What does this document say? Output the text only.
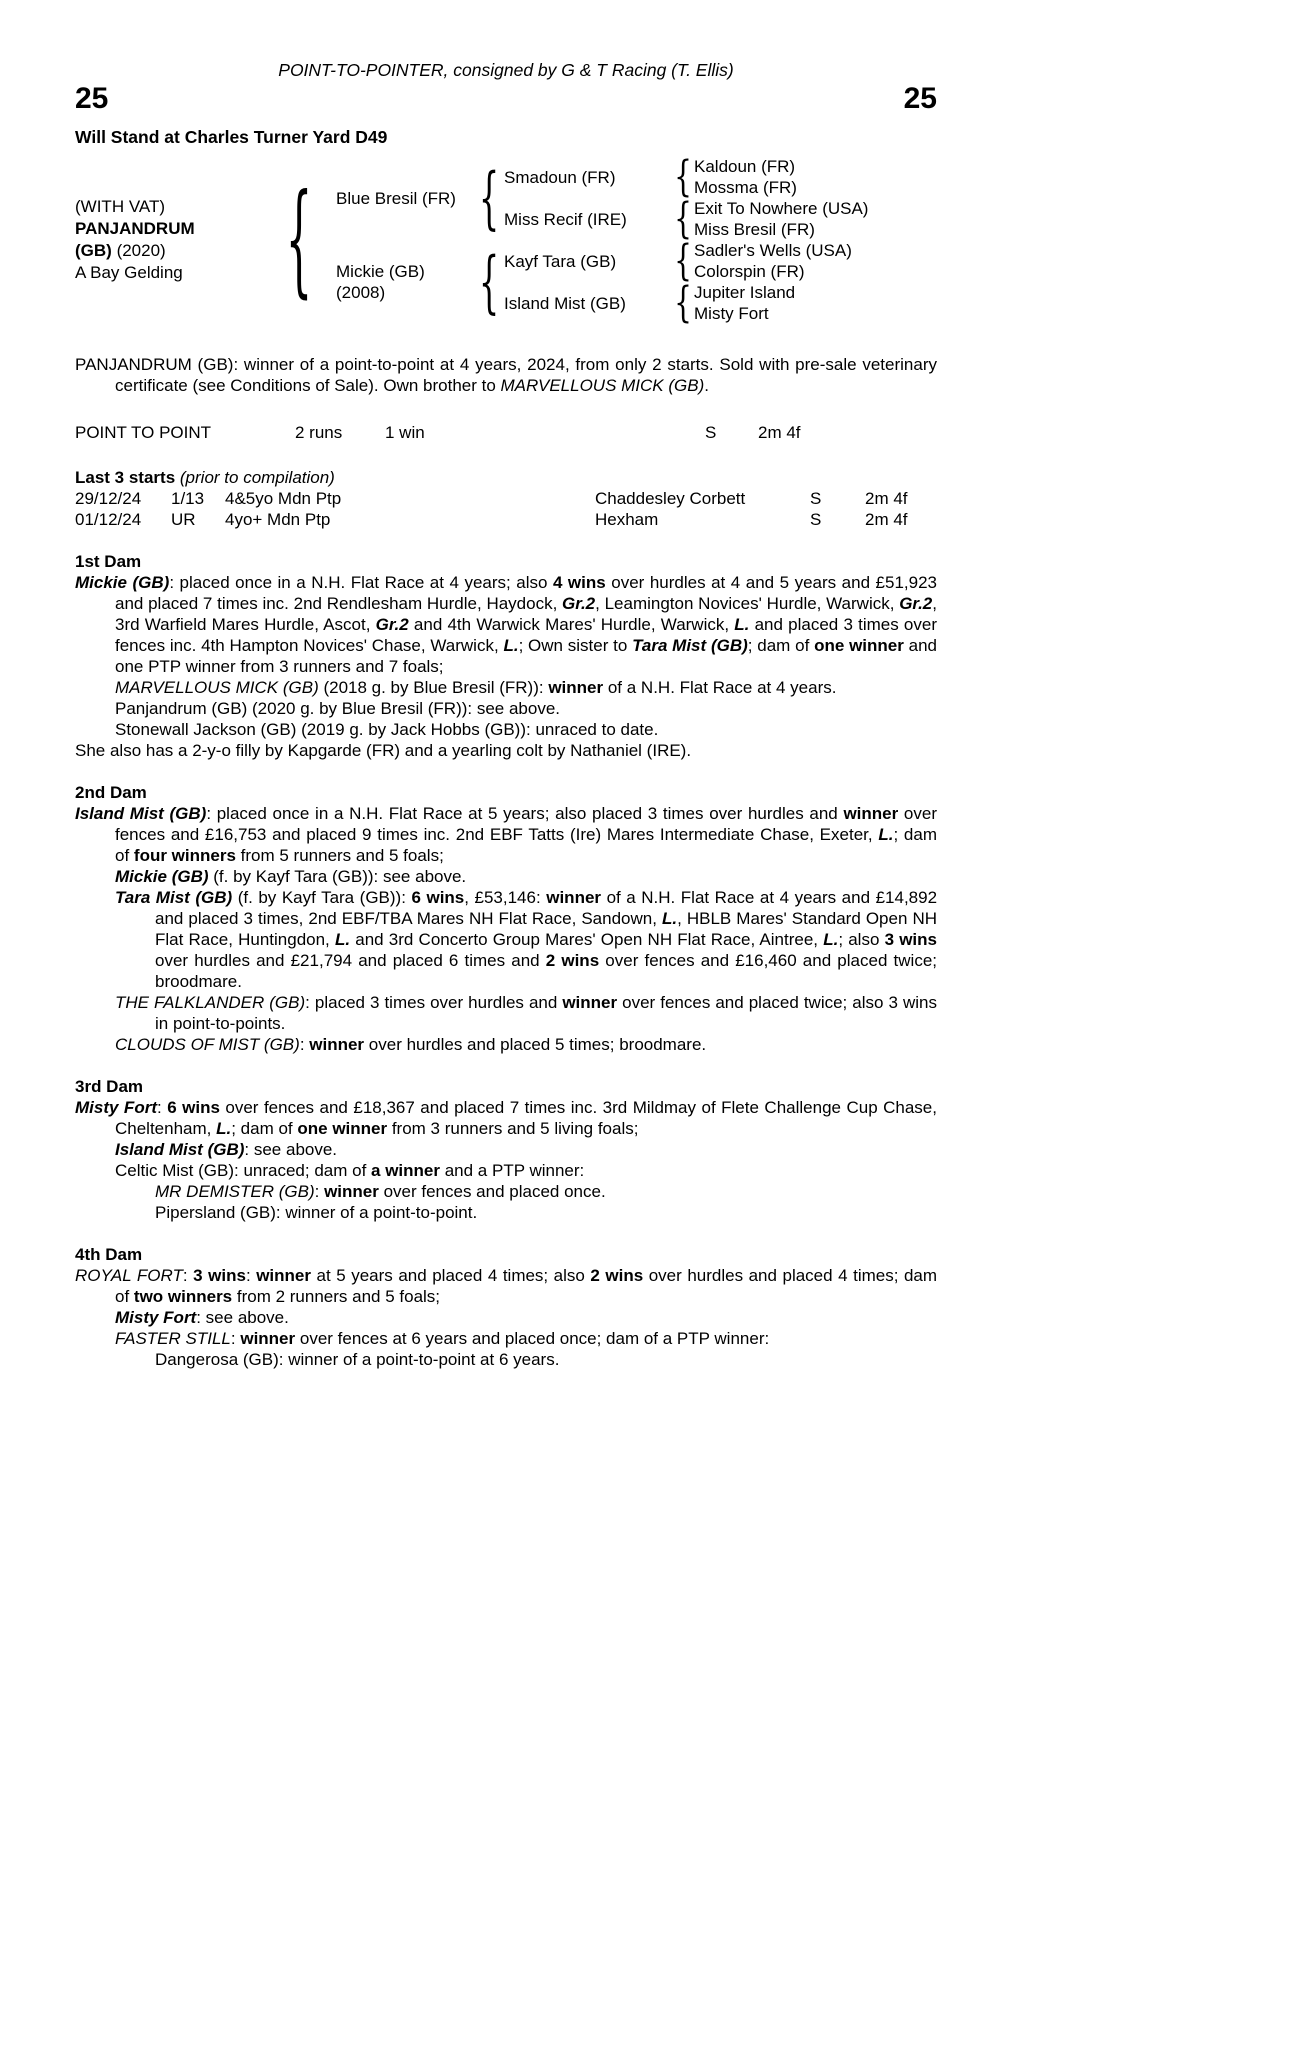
POINT-TO-POINTER, consigned by G & T Racing (T. Ellis)
25	25
Will Stand at Charles Turner Yard D49
(WITH VAT)
PANJANDRUM
(GB) (2020)
A Bay Gelding
{
Blue Bresil (FR)
{
Smadoun (FR)
{
Kaldoun (FR)
Mossma (FR)
Miss Recif (IRE)
{
Exit To Nowhere (USA)
Miss Bresil (FR)
Mickie (GB)
(2008)
{
Kayf Tara (GB)
{
Sadler's Wells (USA)
Colorspin (FR)
Island Mist (GB)
{
Jupiter Island
Misty Fort

PANJANDRUM (GB): winner of a point-to-point at 4 years, 2024, from only 2 starts. Sold with pre-sale veterinary certificate (see Conditions of Sale). Own brother to MARVELLOUS MICK (GB).

POINT TO POINT	2 runs	1 win	S	2m 4f
Last 3 starts (prior to compilation)
29/12/24	1/13	4&5yo Mdn Ptp	Chaddesley Corbett	S	2m 4f
01/12/24	UR	4yo+ Mdn Ptp	Hexham	S	2m 4f
1st Dam

Mickie (GB): placed once in a N.H. Flat Race at 4 years; also 4 wins over hurdles at 4 and 5 years and £51,923 and placed 7 times inc. 2nd Rendlesham Hurdle, Haydock, Gr.2, Leamington Novices' Hurdle, Warwick, Gr.2, 3rd Warfield Mares Hurdle, Ascot, Gr.2 and 4th Warwick Mares' Hurdle, Warwick, L. and placed 3 times over fences inc. 4th Hampton Novices' Chase, Warwick, L.; Own sister to Tara Mist (GB); dam of one winner and one PTP winner from 3 runners and 7 foals;

MARVELLOUS MICK (GB) (2018 g. by Blue Bresil (FR)): winner of a N.H. Flat Race at 4 years.

Panjandrum (GB) (2020 g. by Blue Bresil (FR)): see above.

Stonewall Jackson (GB) (2019 g. by Jack Hobbs (GB)): unraced to date.

She also has a 2-y-o filly by Kapgarde (FR) and a yearling colt by Nathaniel (IRE).

2nd Dam

Island Mist (GB): placed once in a N.H. Flat Race at 5 years; also placed 3 times over hurdles and winner over fences and £16,753 and placed 9 times inc. 2nd EBF Tatts (Ire) Mares Intermediate Chase, Exeter, L.; dam of four winners from 5 runners and 5 foals;

Mickie (GB) (f. by Kayf Tara (GB)): see above.

Tara Mist (GB) (f. by Kayf Tara (GB)): 6 wins, £53,146: winner of a N.H. Flat Race at 4 years and £14,892 and placed 3 times, 2nd EBF/TBA Mares NH Flat Race, Sandown, L., HBLB Mares' Standard Open NH Flat Race, Huntingdon, L. and 3rd Concerto Group Mares' Open NH Flat Race, Aintree, L.; also 3 wins over hurdles and £21,794 and placed 6 times and 2 wins over fences and £16,460 and placed twice; broodmare.

THE FALKLANDER (GB): placed 3 times over hurdles and winner over fences and placed twice; also 3 wins in point-to-points.

CLOUDS OF MIST (GB): winner over hurdles and placed 5 times; broodmare.

3rd Dam

Misty Fort: 6 wins over fences and £18,367 and placed 7 times inc. 3rd Mildmay of Flete Challenge Cup Chase, Cheltenham, L.; dam of one winner from 3 runners and 5 living foals;

Island Mist (GB): see above.

Celtic Mist (GB): unraced; dam of a winner and a PTP winner:

MR DEMISTER (GB): winner over fences and placed once.

Pipersland (GB): winner of a point-to-point.

4th Dam

ROYAL FORT: 3 wins: winner at 5 years and placed 4 times; also 2 wins over hurdles and placed 4 times; dam of two winners from 2 runners and 5 foals;

Misty Fort: see above.

FASTER STILL: winner over fences at 6 years and placed once; dam of a PTP winner:

Dangerosa (GB): winner of a point-to-point at 6 years.
